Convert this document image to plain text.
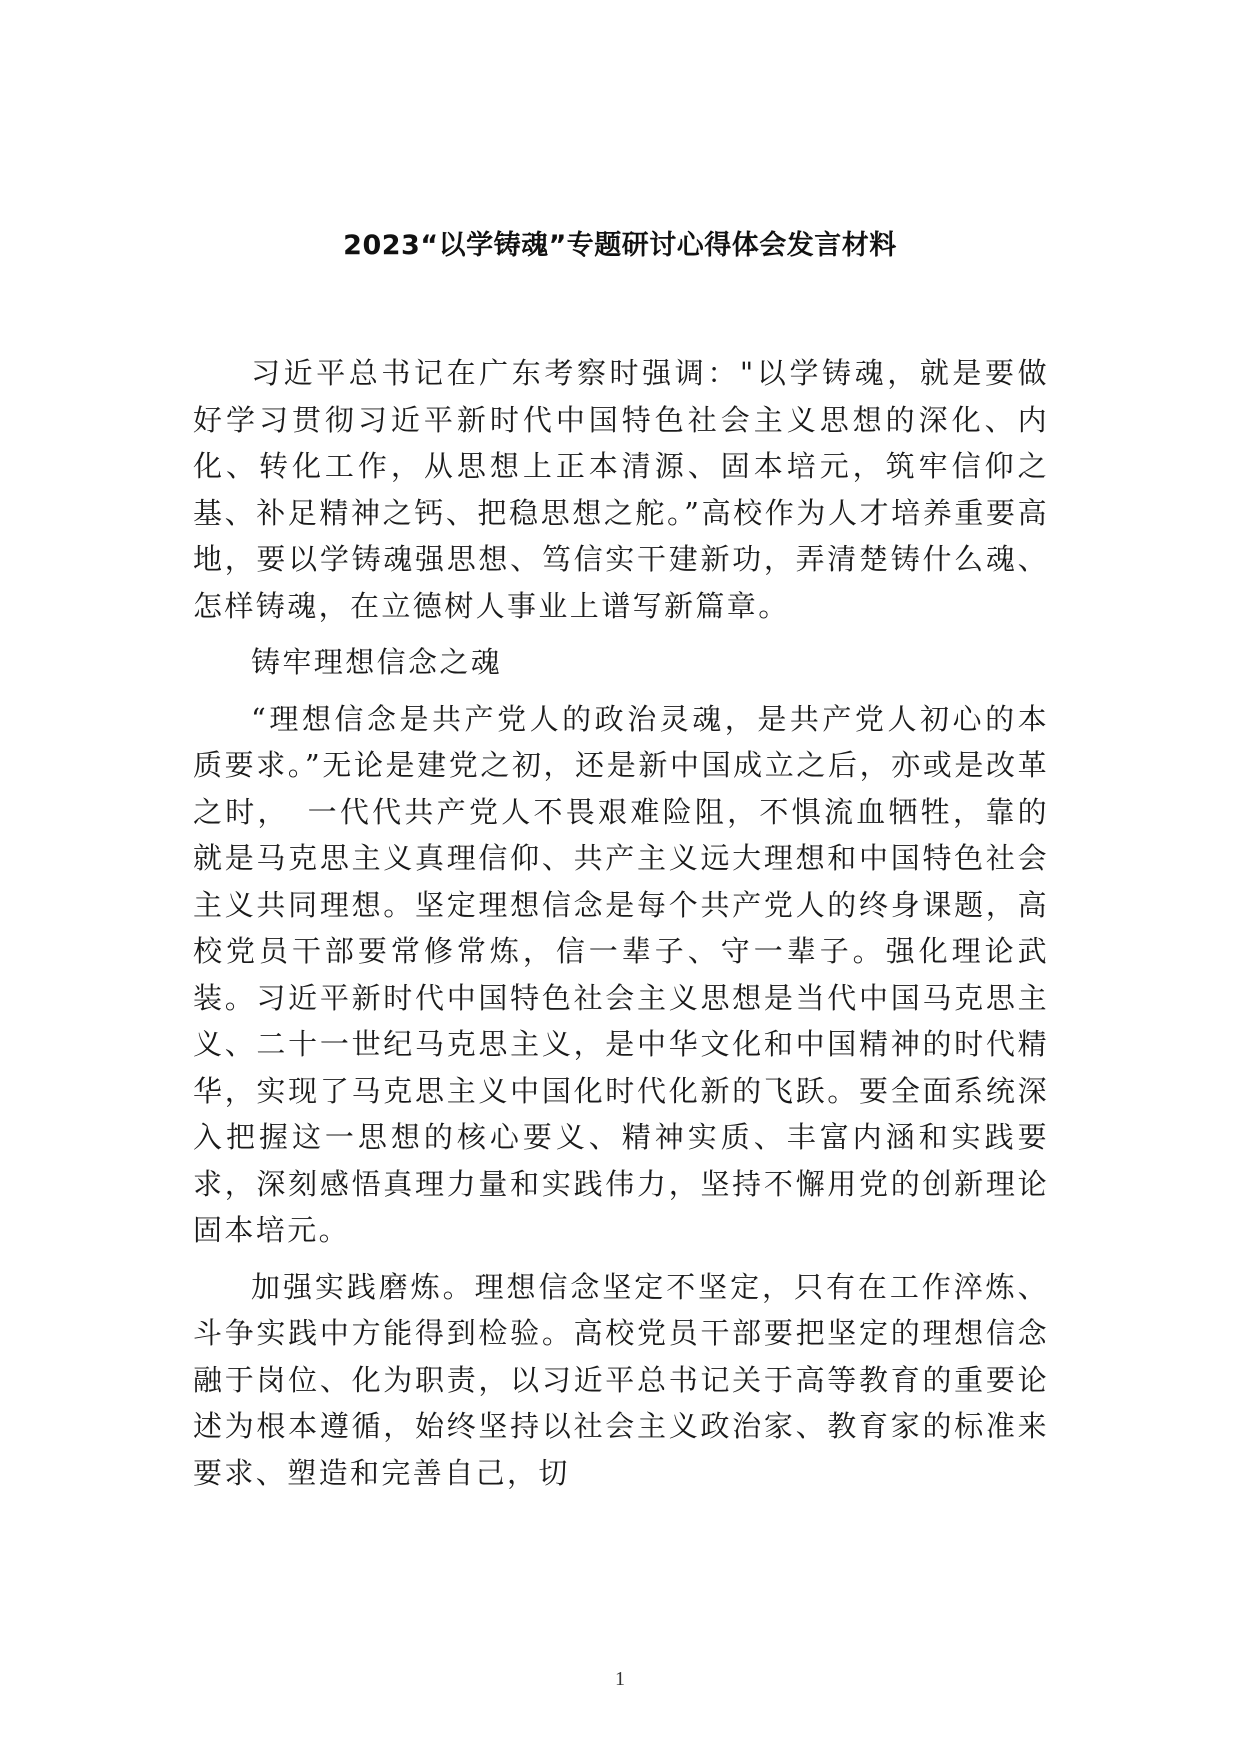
2023“以学铸魂”专题研讨心得体会发言材料

习近平总书记在广东考察时强调："以学铸魂，就是要做好学习贯彻习近平新时代中国特色社会主义思想的深化、内化、转化工作，从思想上正本清源、固本培元，筑牢信仰之基、补足精神之钙、把稳思想之舵。”高校作为人才培养重要高地，要以学铸魂强思想、笃信实干建新功，弄清楚铸什么魂、怎样铸魂，在立德树人事业上谱写新篇章。

铸牢理想信念之魂

“理想信念是共产党人的政治灵魂，是共产党人初心的本质要求。”无论是建党之初，还是新中国成立之后，亦或是改革之时，　一代代共产党人不畏艰难险阻，不惧流血牺牲，靠的就是马克思主义真理信仰、共产主义远大理想和中国特色社会主义共同理想。坚定理想信念是每个共产党人的终身课题，高校党员干部要常修常炼，信一辈子、守一辈子。强化理论武装。习近平新时代中国特色社会主义思想是当代中国马克思主义、二十一世纪马克思主义，是中华文化和中国精神的时代精华，实现了马克思主义中国化时代化新的飞跃。要全面系统深入把握这一思想的核心要义、精神实质、丰富内涵和实践要求，深刻感悟真理力量和实践伟力，坚持不懈用党的创新理论固本培元。

加强实践磨炼。理想信念坚定不坚定，只有在工作淬炼、斗争实践中方能得到检验。高校党员干部要把坚定的理想信念融于岗位、化为职责，以习近平总书记关于高等教育的重要论述为根本遵循，始终坚持以社会主义政治家、教育家的标准来要求、塑造和完善自己，切

1
